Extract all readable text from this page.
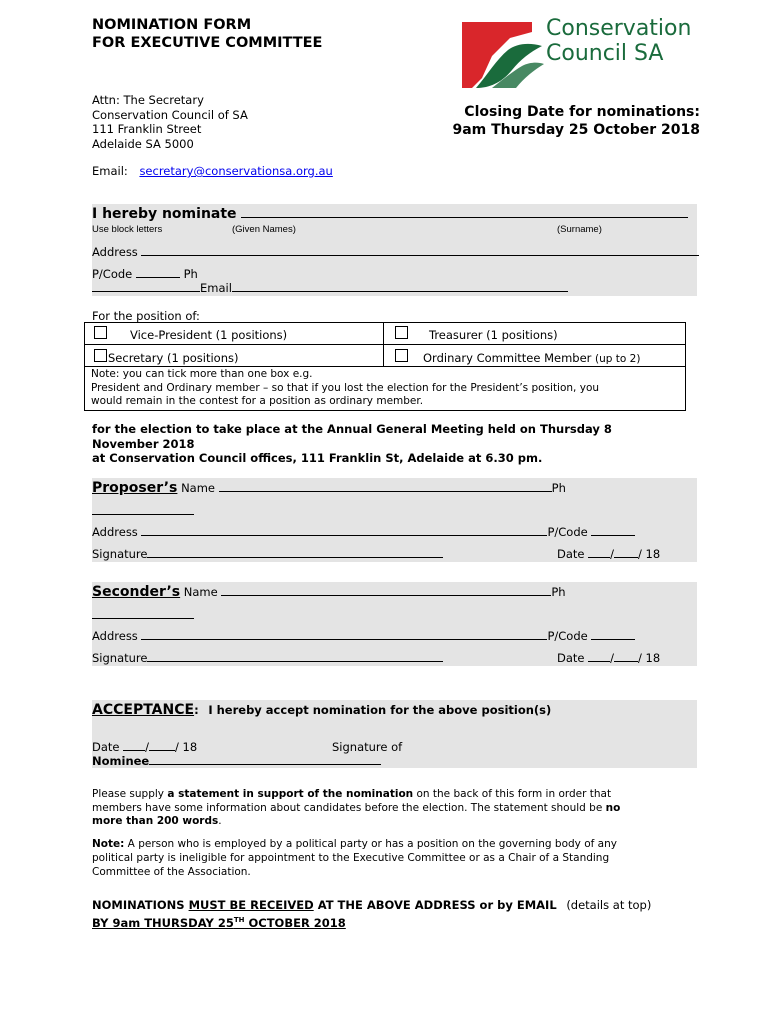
NOMINATION FORM
FOR EXECUTIVE COMMITTEE
Conservation
Council SA
Attn: The Secretary
Conservation Council of SA
111 Franklin Street
Adelaide SA 5000
Closing Date for nominations:
9am Thursday 25 October 2018
Email: secretary@conservationsa.org.au
I hereby nominate
Use block letters	(Given Names)	(Surname)
Address
P/Code	Ph
Email
For the position of:
Vice-President (1 positions)	Treasurer (1 positions)

Secretary (1 positions)	Ordinary Committee Member (up to 2)

Note: you can tick more than one box e.g.
President and Ordinary member – so that if you lost the election for the President’s position, you
would remain in the contest for a position as ordinary member.	
for the election to take place at the Annual General Meeting held on Thursday 8
November 2018
at Conservation Council offices, 111 Franklin St, Adelaide at 6.30 pm.
Proposer’s Name	Ph
Address	P/Code
Signature	Date / / 18
Seconder’s Name	Ph
Address	P/Code
Signature	Date / / 18
ACCEPTANCE: I hereby accept nomination for the above position(s)
Date / / 18	Signature of
Nominee
Please supply a statement in support of the nomination on the back of this form in order that
members have some information about candidates before the election. The statement should be no
more than 200 words.
Note: A person who is employed by a political party or has a position on the governing body of any
political party is ineligible for appointment to the Executive Committee or as a Chair of a Standing
Committee of the Association.
NOMINATIONS MUST BE RECEIVED AT THE ABOVE ADDRESS or by EMAIL (details at top)
BY 9am THURSDAY 25TH OCTOBER 2018
